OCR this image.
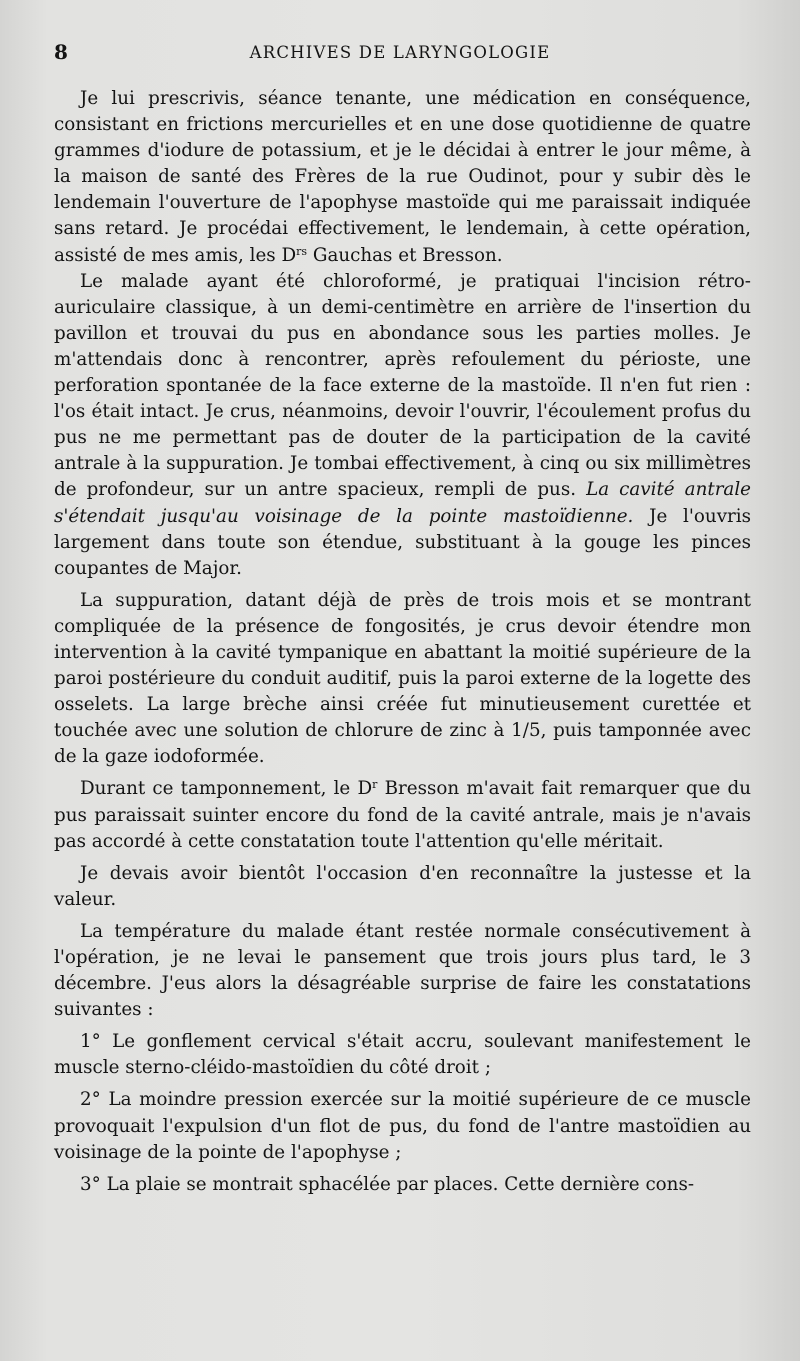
8	ARCHIVES DE LARYNGOLOGIE

Je lui prescrivis, séance tenante, une médication en conséquence, consistant en frictions mercurielles et en une dose quotidienne de quatre grammes d'iodure de potassium, et je le décidai à entrer le jour même, à la maison de santé des Frères de la rue Oudinot, pour y subir dès le lendemain l'ouverture de l'apophyse mastoïde qui me paraissait indiquée sans retard. Je procédai effectivement, le lendemain, à cette opération, assisté de mes amis, les $D^{rs}$ Gauchas et Bresson.

Le malade ayant été chloroformé, je pratiquai l'incision rétro-auriculaire classique, à un demi-centimètre en arrière de l'insertion du pavillon et trouvai du pus en abondance sous les parties molles. Je m'attendais donc à rencontrer, après refoulement du périoste, une perforation spontanée de la face externe de la mastoïde. Il n'en fut rien : l'os était intact. Je crus, néanmoins, devoir l'ouvrir, l'écoulement profus du pus ne me permettant pas de douter de la participation de la cavité antrale à la suppuration. Je tombai effectivement, à cinq ou six millimètres de profondeur, sur un antre spacieux, rempli de pus. La cavité antrale s'étendait jusqu'au voisinage de la pointe mastoïdienne. Je l'ouvris largement dans toute son étendue, substituant à la gouge les pinces coupantes de Major.

La suppuration, datant déjà de près de trois mois et se montrant compliquée de la présence de fongosités, je crus devoir étendre mon intervention à la cavité tympanique en abattant la moitié supérieure de la paroi postérieure du conduit auditif, puis la paroi externe de la logette des osselets. La large brèche ainsi créée fut minutieusement curettée et touchée avec une solution de chlorure de zinc à 1/5, puis tamponnée avec de la gaze iodoformée.

Durant ce tamponnement, le $D^r$ Bresson m'avait fait remarquer que du pus paraissait suinter encore du fond de la cavité antrale, mais je n'avais pas accordé à cette constatation toute l'attention qu'elle méritait.

Je devais avoir bientôt l'occasion d'en reconnaître la justesse et la valeur.

La température du malade étant restée normale consécutivement à l'opération, je ne levai le pansement que trois jours plus tard, le 3 décembre. J'eus alors la désagréable surprise de faire les constatations suivantes :

1° Le gonflement cervical s'était accru, soulevant manifestement le muscle sterno-cléido-mastoïdien du côté droit ;

2° La moindre pression exercée sur la moitié supérieure de ce muscle provoquait l'expulsion d'un flot de pus, du fond de l'antre mastoïdien au voisinage de la pointe de l'apophyse ;

3° La plaie se montrait sphacélée par places. Cette dernière cons-
